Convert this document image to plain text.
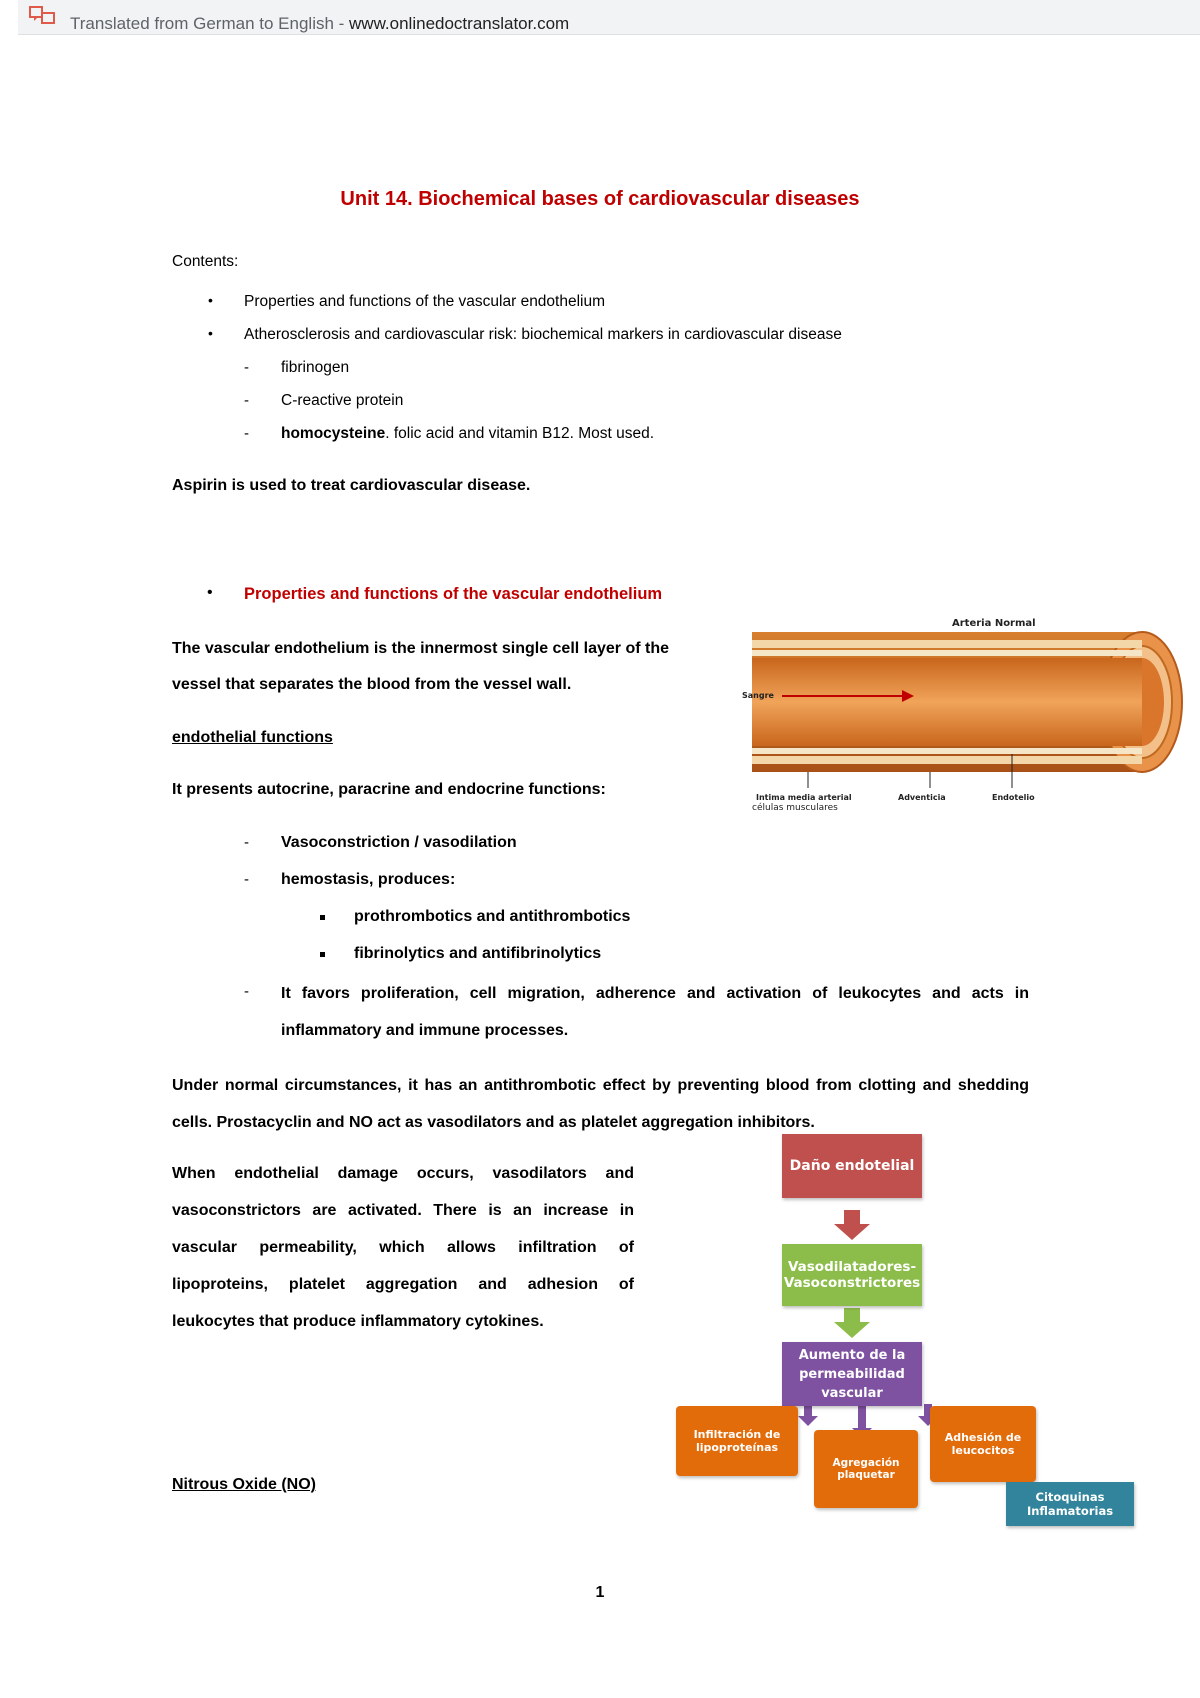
Translated from German to English - www.onlinedoctranslator.com
Unit 14. Biochemical bases of cardiovascular diseases
Contents:
• Properties and functions of the vascular endothelium
• Atherosclerosis and cardiovascular risk: biochemical markers in cardiovascular disease
- fibrinogen
- C-reactive protein
- homocysteine. folic acid and vitamin B12. Most used.
Aspirin is used to treat cardiovascular disease.
• Properties and functions of the vascular endothelium
The vascular endothelium is the innermost single cell layer of the
vessel that separates the blood from the vessel wall.
endothelial functions
It presents autocrine, paracrine and endocrine functions:
- Vasoconstriction / vasodilation
- hemostasis, produces:
prothrombotics and antithrombotics
fibrinolytics and antifibrinolytics
- It favors proliferation, cell migration, adherence and activation of leukocytes and acts in inflammatory and immune processes.
Under normal circumstances, it has an antithrombotic effect by preventing blood from clotting and shedding cells. Prostacyclin and NO act as vasodilators and as platelet aggregation inhibitors.
When endothelial damage occurs, vasodilators and vasoconstrictors are activated. There is an increase in vascular permeability, which allows infiltration of lipoproteins, platelet aggregation and adhesion of leukocytes that produce inflammatory cytokines.
Nitrous Oxide (NO)
Arteria Normal
Sangre
Intima media arterial	Adventicia	Endotelio
células musculares
Daño endotelial
Vasodilatadores-
Vasoconstrictores
Aumento de la
permeabilidad
vascular
Infiltración de
lipoproteínas
Agregación
plaquetar
Adhesión de
leucocitos
Citoquinas
Inflamatorias
1
